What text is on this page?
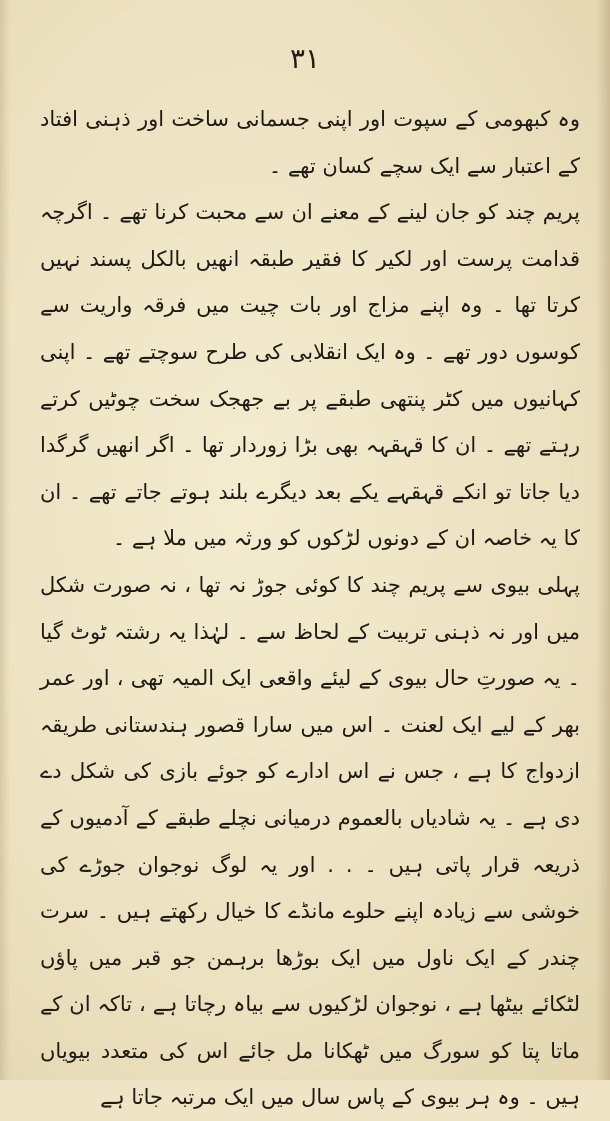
۳۱

وہ کبھومی کے سپوت اور اپنی جسمانی ساخت اور ذہنی افتاد کے اعتبار سے ایک سچے کسان تھے ۔

پریم چند کو جان لینے کے معنے ان سے محبت کرنا تھے ۔ اگرچہ قدامت پرست اور لکیر کا فقیر طبقہ انھیں بالکل پسند نہیں کرتا تھا ۔ وہ اپنے مزاج اور بات چیت میں فرقہ واریت سے کوسوں دور تھے ۔ وہ ایک انقلابی کی طرح سوچتے تھے ۔ اپنی کہانیوں میں کٹر پنتھی طبقے پر بے جھجک سخت چوٹیں کرتے رہتے تھے ۔ ان کا قہقہہ بھی بڑا زوردار تھا ۔ اگر انھیں گرگدا دیا جاتا تو انکے قہقہے یکے بعد دیگرے بلند ہوتے جاتے تھے ۔ ان کا یہ خاصہ ان کے دونوں لڑکوں کو ورثہ میں ملا ہے ۔

پہلی بیوی سے پریم چند کا کوئی جوڑ نہ تھا ، نہ صورت شکل میں اور نہ ذہنی تربیت کے لحاظ سے ۔ لہٰذا یہ رشتہ ٹوٹ گیا ۔ یہ صورتِ حال بیوی کے لیئے واقعی ایک المیہ تھی ، اور عمر بھر کے لیے ایک لعنت ۔ اس میں سارا قصور ہندستانی طریقہ ازدواج کا ہے ، جس نے اس ادارے کو جوئے بازی کی شکل دے دی ہے ۔ یہ شادیاں بالعموم درمیانی نچلے طبقے کے آدمیوں کے ذریعہ قرار پاتی ہیں ۔ . . اور یہ لوگ نوجوان جوڑے کی خوشی سے زیادہ اپنے حلوے مانڈے کا خیال رکھتے ہیں ۔ سرت چندر کے ایک ناول میں ایک بوڑھا برہمن جو قبر میں پاؤں لٹکائے بیٹھا ہے ، نوجوان لڑکیوں سے بیاہ رچاتا ہے ، تاکہ ان کے ماتا پتا کو سورگ میں ٹھکانا مل جائے اس کی متعدد بیویاں ہیں ۔ وہ ہر بیوی کے پاس سال میں ایک مرتبہ جاتا ہے
